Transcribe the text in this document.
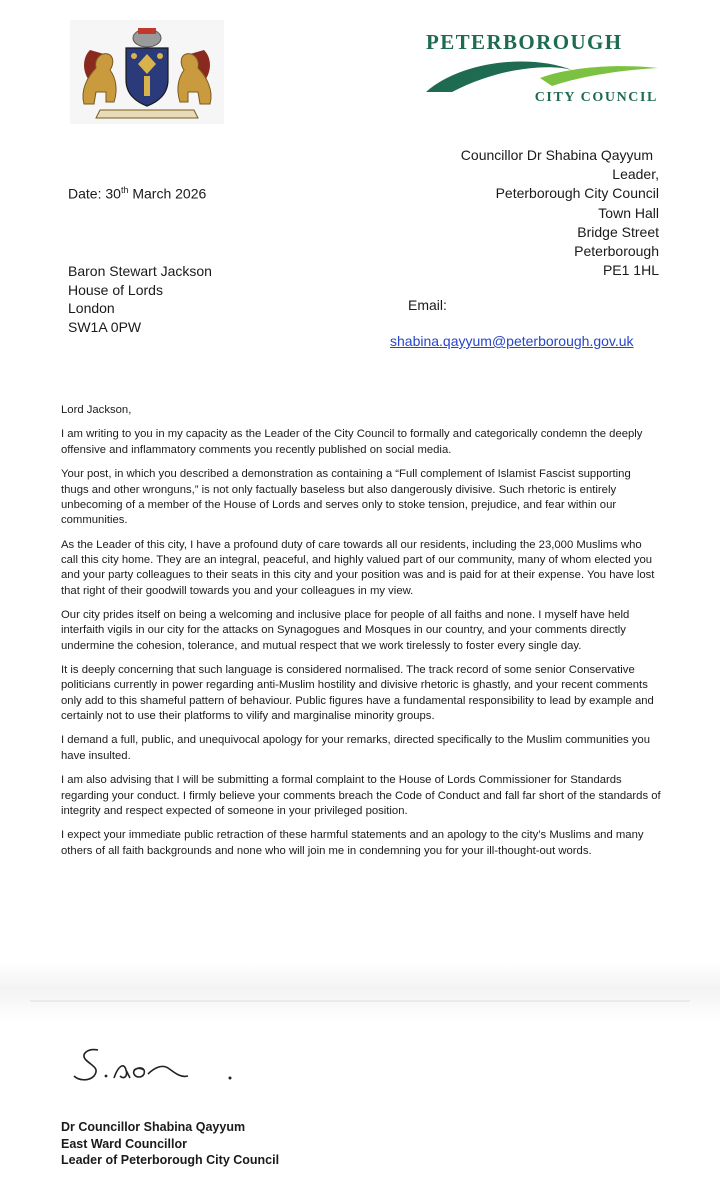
PETERBOROUGH
CITY COUNCIL
Councillor Dr Shabina Qayyum
Leader,
Peterborough City Council
Town Hall
Bridge Street
Peterborough
PE1 1HL
Date: 30th March 2026
Baron Stewart Jackson
House of Lords
London
SW1A 0PW
Email:
shabina.qayyum@peterborough.gov.uk

Lord Jackson,

I am writing to you in my capacity as the Leader of the City Council to formally and categorically condemn the deeply offensive and inflammatory comments you recently published on social media.

Your post, in which you described a demonstration as containing a “Full complement of Islamist Fascist supporting thugs and other wronguns,” is not only factually baseless but also dangerously divisive. Such rhetoric is entirely unbecoming of a member of the House of Lords and serves only to stoke tension, prejudice, and fear within our communities.

As the Leader of this city, I have a profound duty of care towards all our residents, including the 23,000 Muslims who call this city home. They are an integral, peaceful, and highly valued part of our community, many of whom elected you and your party colleagues to their seats in this city and your position was and is paid for at their expense. You have lost that right of their goodwill towards you and your colleagues in my view.

Our city prides itself on being a welcoming and inclusive place for people of all faiths and none. I myself have held interfaith vigils in our city for the attacks on Synagogues and Mosques in our country, and your comments directly undermine the cohesion, tolerance, and mutual respect that we work tirelessly to foster every single day.

It is deeply concerning that such language is considered normalised. The track record of some senior Conservative politicians currently in power regarding anti-Muslim hostility and divisive rhetoric is ghastly, and your recent comments only add to this shameful pattern of behaviour. Public figures have a fundamental responsibility to lead by example and certainly not to use their platforms to vilify and marginalise minority groups.

I demand a full, public, and unequivocal apology for your remarks, directed specifically to the Muslim communities you have insulted.

I am also advising that I will be submitting a formal complaint to the House of Lords Commissioner for Standards regarding your conduct. I firmly believe your comments breach the Code of Conduct and fall far short of the standards of integrity and respect expected of someone in your privileged position.

I expect your immediate public retraction of these harmful statements and an apology to the city’s Muslims and many others of all faith backgrounds and none who will join me in condemning you for your ill-thought-out words.

Dr Councillor Shabina Qayyum
East Ward Councillor
Leader of Peterborough City Council
